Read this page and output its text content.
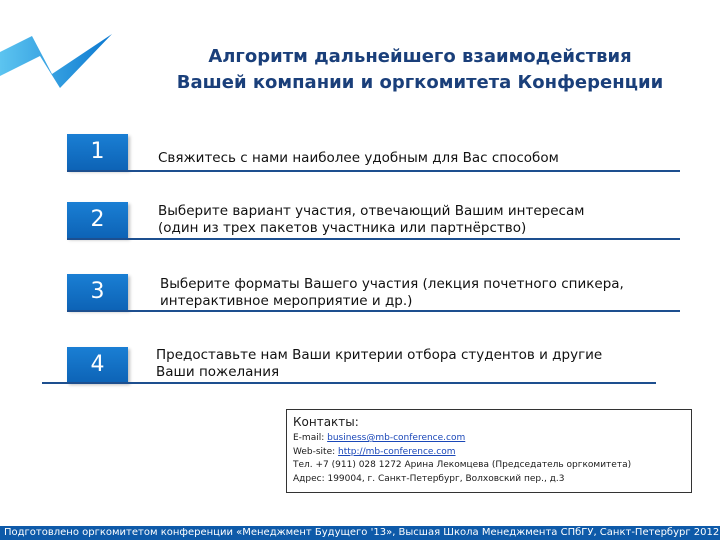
Алгоритм дальнейшего взаимодействия
Вашей компании и оргкомитета Конференции
1	Свяжитесь с нами наиболее удобным для Вас способом
2	Выберите вариант участия, отвечающий Вашим интересам
(один из трех пакетов участника или партнёрство)
3	Выберите форматы Вашего участия (лекция почетного спикера,
интерактивное мероприятие и др.)
4	Предоставьте нам Ваши критерии отбора студентов и другие
Ваши пожелания
Контакты:
E-mail: business@mb-conference.com
Web-site: http://mb-conference.com
Тел. +7 (911) 028 1272 Арина Лекомцева (Председатель оргкомитета)
Адрес: 199004, г. Санкт-Петербург, Волховский пер., д.3
Подготовлено оргкомитетом конференции «Менеджмент Будущего '13», Высшая Школа Менеджмента СПбГУ, Санкт-Петербург 2012
